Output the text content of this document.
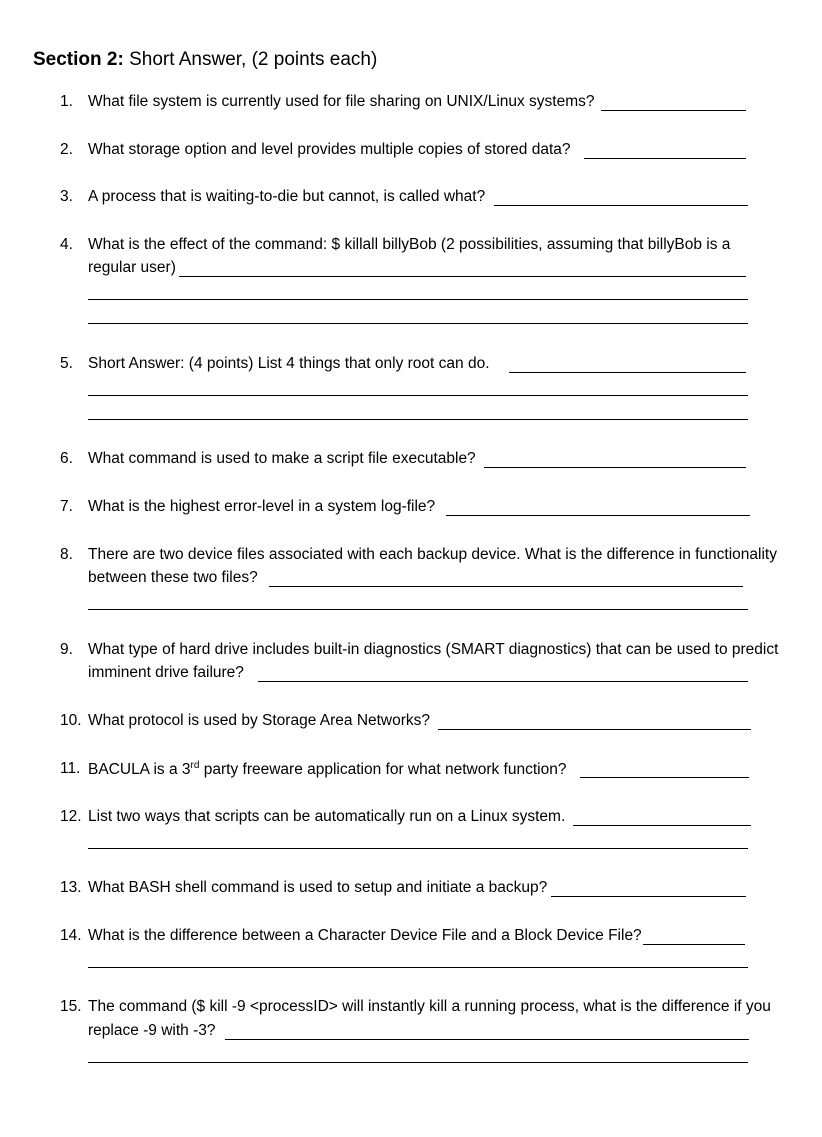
Section 2: Short Answer, (2 points each)
1. What file system is currently used for file sharing on UNIX/Linux systems?
2. What storage option and level provides multiple copies of stored data?
3. A process that is waiting-to-die but cannot, is called what?
4. What is the effect of the command: $ killall billyBob (2 possibilities, assuming that billyBob is a
regular user)
5. Short Answer: (4 points) List 4 things that only root can do.
6. What command is used to make a script file executable?
7. What is the highest error-level in a system log-file?
8. There are two device files associated with each backup device. What is the difference in functionality
between these two files?
9. What type of hard drive includes built-in diagnostics (SMART diagnostics) that can be used to predict
imminent drive failure?
10. What protocol is used by Storage Area Networks?
11. BACULA is a 3rd party freeware application for what network function?
12. List two ways that scripts can be automatically run on a Linux system.
13. What BASH shell command is used to setup and initiate a backup?
14. What is the difference between a Character Device File and a Block Device File?
15. The command ($ kill -9 <processID> will instantly kill a running process, what is the difference if you
replace -9 with -3?
